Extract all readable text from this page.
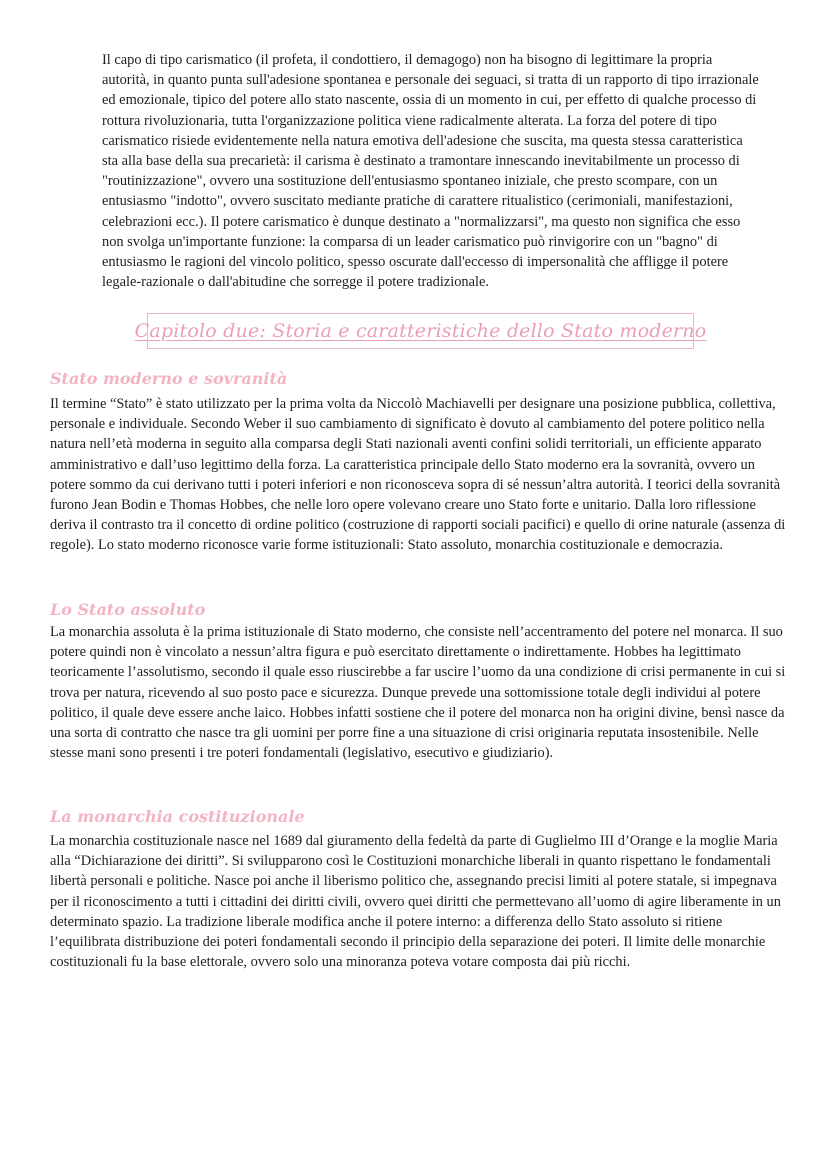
Il capo di tipo carismatico (il profeta, il condottiero, il demagogo) non ha bisogno di legittimare la propria autorità, in quanto punta sull'adesione spontanea e personale dei seguaci, si tratta di un rapporto di tipo irrazionale ed emozionale, tipico del potere allo stato nascente, ossia di un momento in cui, per effetto di qualche processo di rottura rivoluzionaria, tutta l'organizzazione politica viene radicalmente alterata. La forza del potere di tipo carismatico risiede evidentemente nella natura emotiva dell'adesione che suscita, ma questa stessa caratteristica sta alla base della sua precarietà: il carisma è destinato a tramontare innescando inevitabilmente un processo di "routinizzazione", ovvero una sostituzione dell'entusiasmo spontaneo iniziale, che presto scompare, con un entusiasmo "indotto", ovvero suscitato mediante pratiche di carattere ritualistico (cerimoniali, manifestazioni, celebrazioni ecc.). Il potere carismatico è dunque destinato a "normalizzarsi", ma questo non significa che esso non svolga un'importante funzione: la comparsa di un leader carismatico può rinvigorire con un "bagno" di entusiasmo le ragioni del vincolo politico, spesso oscurate dall'eccesso di impersonalità che affligge il potere legale-razionale o dall'abitudine che sorregge il potere tradizionale.

Capitolo due: Storia e caratteristiche dello Stato moderno
Stato moderno e sovranità

Il termine “Stato” è stato utilizzato per la prima volta da Niccolò Machiavelli per designare una posizione pubblica, collettiva, personale e individuale. Secondo Weber il suo cambiamento di significato è dovuto al cambiamento del potere politico nella natura nell’età moderna in seguito alla comparsa degli Stati nazionali aventi confini solidi territoriali, un efficiente apparato amministrativo e dall’uso legittimo della forza. La caratteristica principale dello Stato moderno era la sovranità, ovvero un potere sommo da cui derivano tutti i poteri inferiori e non riconosceva sopra di sé nessun’altra autorità. I teorici della sovranità furono Jean Bodin e Thomas Hobbes, che nelle loro opere volevano creare uno Stato forte e unitario. Dalla loro riflessione deriva il contrasto tra il concetto di ordine politico (costruzione di rapporti sociali pacifici) e quello di orine naturale (assenza di regole). Lo stato moderno riconosce varie forme istituzionali: Stato assoluto, monarchia costituzionale e democrazia.

Lo Stato assoluto

La monarchia assoluta è la prima istituzionale di Stato moderno, che consiste nell’accentramento del potere nel monarca. Il suo potere quindi non è vincolato a nessun’altra figura e può esercitato direttamente o indirettamente. Hobbes ha legittimato teoricamente l’assolutismo, secondo il quale esso riuscirebbe a far uscire l’uomo da una condizione di crisi permanente in cui si trova per natura, ricevendo al suo posto pace e sicurezza. Dunque prevede una sottomissione totale degli individui al potere politico, il quale deve essere anche laico. Hobbes infatti sostiene che il potere del monarca non ha origini divine, bensì nasce da una sorta di contratto che nasce tra gli uomini per porre fine a una situazione di crisi originaria reputata insostenibile. Nelle stesse mani sono presenti i tre poteri fondamentali (legislativo, esecutivo e giudiziario).

La monarchia costituzionale

La monarchia costituzionale nasce nel 1689 dal giuramento della fedeltà da parte di Guglielmo III d’Orange e la moglie Maria alla “Dichiarazione dei diritti”. Si svilupparono così le Costituzioni monarchiche liberali in quanto rispettano le fondamentali libertà personali e politiche. Nasce poi anche il liberismo politico che, assegnando precisi limiti al potere statale, si impegnava per il riconoscimento a tutti i cittadini dei diritti civili, ovvero quei diritti che permettevano all’uomo di agire liberamente in un determinato spazio. La tradizione liberale modifica anche il potere interno: a differenza dello Stato assoluto si ritiene l’equilibrata distribuzione dei poteri fondamentali secondo il principio della separazione dei poteri. Il limite delle monarchie costituzionali fu la base elettorale, ovvero solo una minoranza poteva votare composta dai più ricchi.
